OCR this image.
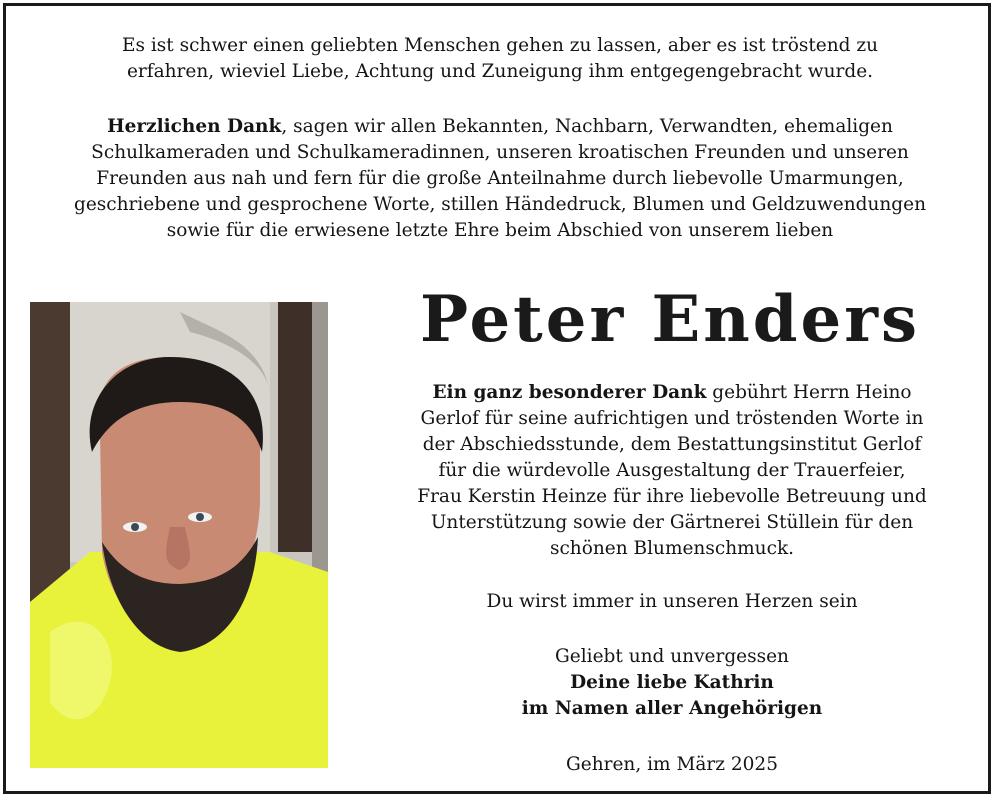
Es ist schwer einen geliebten Menschen gehen zu lassen, aber es ist tröstend zu
erfahren, wieviel Liebe, Achtung und Zuneigung ihm entgegengebracht wurde.
Herzlichen Dank, sagen wir allen Bekannten, Nachbarn, Verwandten, ehemaligen
Schulkameraden und Schulkameradinnen, unseren kroatischen Freunden und unseren
Freunden aus nah und fern für die große Anteilnahme durch liebevolle Umarmungen,
geschriebene und gesprochene Worte, stillen Händedruck, Blumen und Geldzuwendungen
sowie für die erwiesene letzte Ehre beim Abschied von unserem lieben
Peter Enders
Ein ganz besonderer Dank gebührt Herrn Heino
Gerlof für seine aufrichtigen und tröstenden Worte in
der Abschiedsstunde, dem Bestattungsinstitut Gerlof
für die würdevolle Ausgestaltung der Trauerfeier,
Frau Kerstin Heinze für ihre liebevolle Betreuung und
Unterstützung sowie der Gärtnerei Stüllein für den
schönen Blumenschmuck.
Du wirst immer in unseren Herzen sein
Geliebt und unvergessen
Deine liebe Kathrin
im Namen aller Angehörigen
Gehren, im März 2025
